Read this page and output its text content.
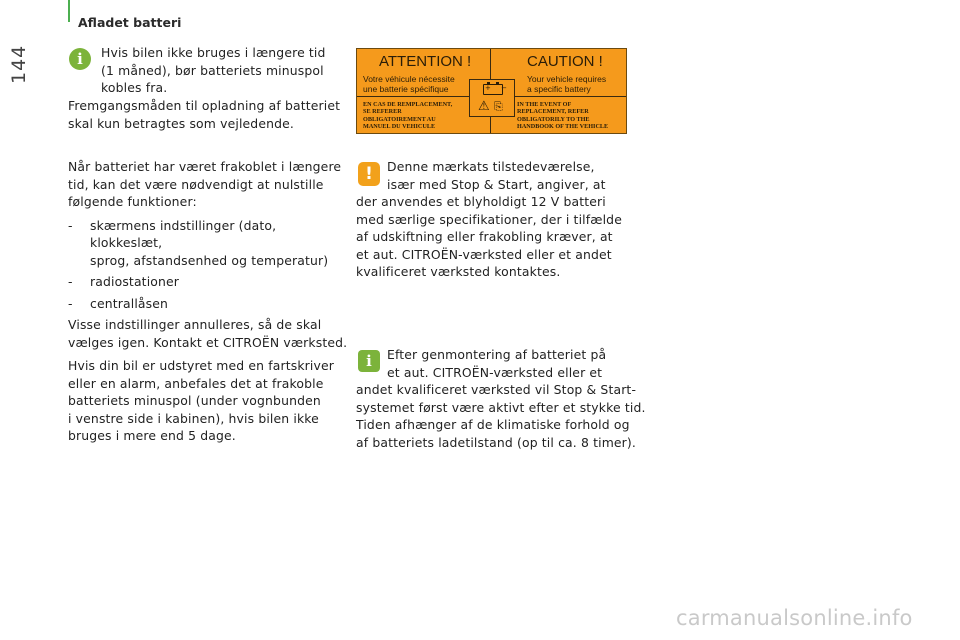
144
Afladet batteri
i	Hvis bilen ikke bruges i længere tid
(1 måned), bør batteriets minuspol
kobles fra.

Fremgangsmåden til opladning af batteriet
skal kun betragtes som vejledende.

Når batteriet har været frakoblet i længere
tid, kan det være nødvendigt at nulstille
følgende funktioner:

- skærmens indstillinger (dato, klokkeslæt,
sprog, afstandsenhed og temperatur)
- radiostationer
- centrallåsen

Visse indstillinger annulleres, så de skal
vælges igen. Kontakt et CITROËN værksted.

Hvis din bil er udstyret med en fartskriver
eller en alarm, anbefales det at frakoble
batteriets minuspol (under vognbunden
i venstre side i kabinen), hvis bilen ikke
bruges i mere end 5 dage.

ATTENTION !	CAUTION !
Votre véhicule nécessite
une batterie spécifique
Your vehicle requires
a specific battery
EN CAS DE REMPLACEMENT,
SE REFERER
OBLIGATOIREMENT AU
MANUEL DU VEHICULE
IN THE EVENT OF
REPLACEMENT, REFER
OBLIGATORILY TO THE
HANDBOOK OF THE VEHICLE
+ −
⚠ ⎘
!	Denne mærkats tilstedeværelse,
især med Stop & Start, angiver, at
der anvendes et blyholdigt 12 V batteri
med særlige specifikationer, der i tilfælde
af udskiftning eller frakobling kræver, at
et aut. CITROËN-værksted eller et andet
kvalificeret værksted kontaktes.
i	Efter genmontering af batteriet på
et aut. CITROËN-værksted eller et
andet kvalificeret værksted vil Stop & Start-
systemet først være aktivt efter et stykke tid.
Tiden afhænger af de klimatiske forhold og
af batteriets ladetilstand (op til ca. 8 timer).
carmanualsonline.info
